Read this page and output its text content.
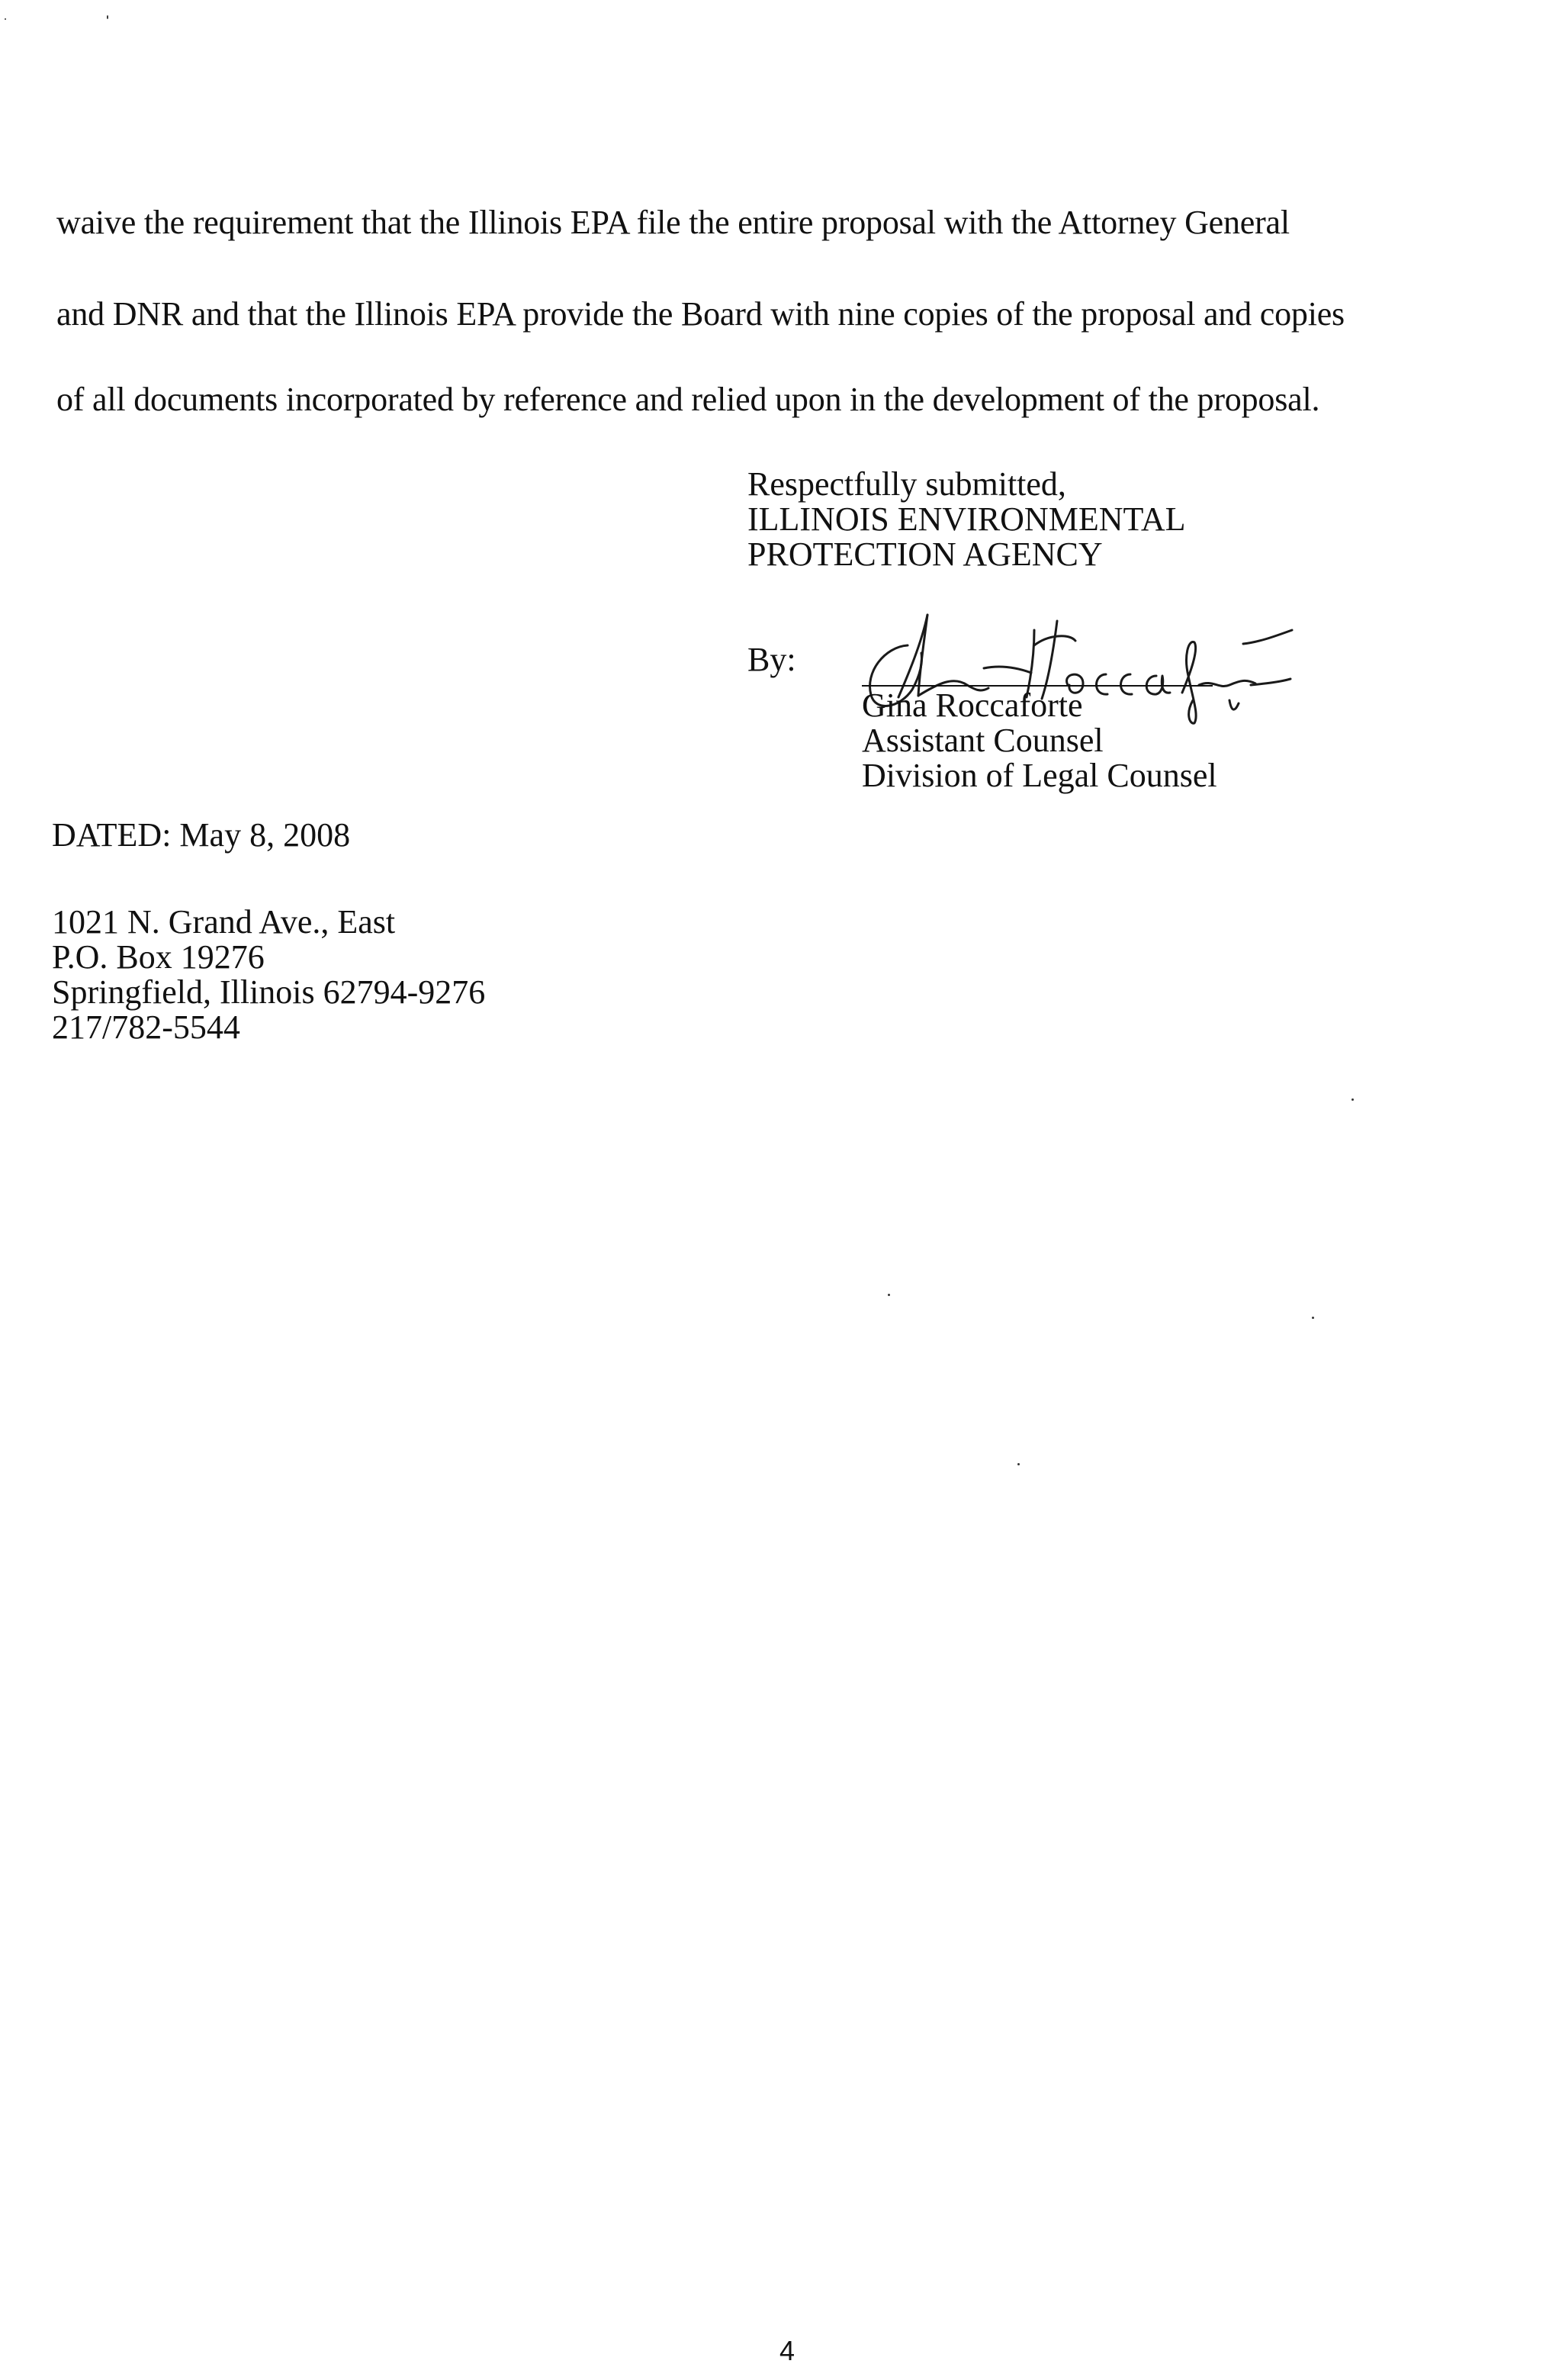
waive the requirement that the Illinois EPA file the entire proposal with the Attorney General
and DNR and that the Illinois EPA provide the Board with nine copies of the proposal and copies
of all documents incorporated by reference and relied upon in the development of the proposal.
Respectfully submitted,
ILLINOIS ENVIRONMENTAL
PROTECTION AGENCY
By:
Gina Roccaforte
Assistant Counsel
Division of Legal Counsel
DATED: May 8, 2008
1021 N. Grand Ave., East
P.O. Box 19276
Springfield, Illinois 62794-9276
217/782-5544
4
